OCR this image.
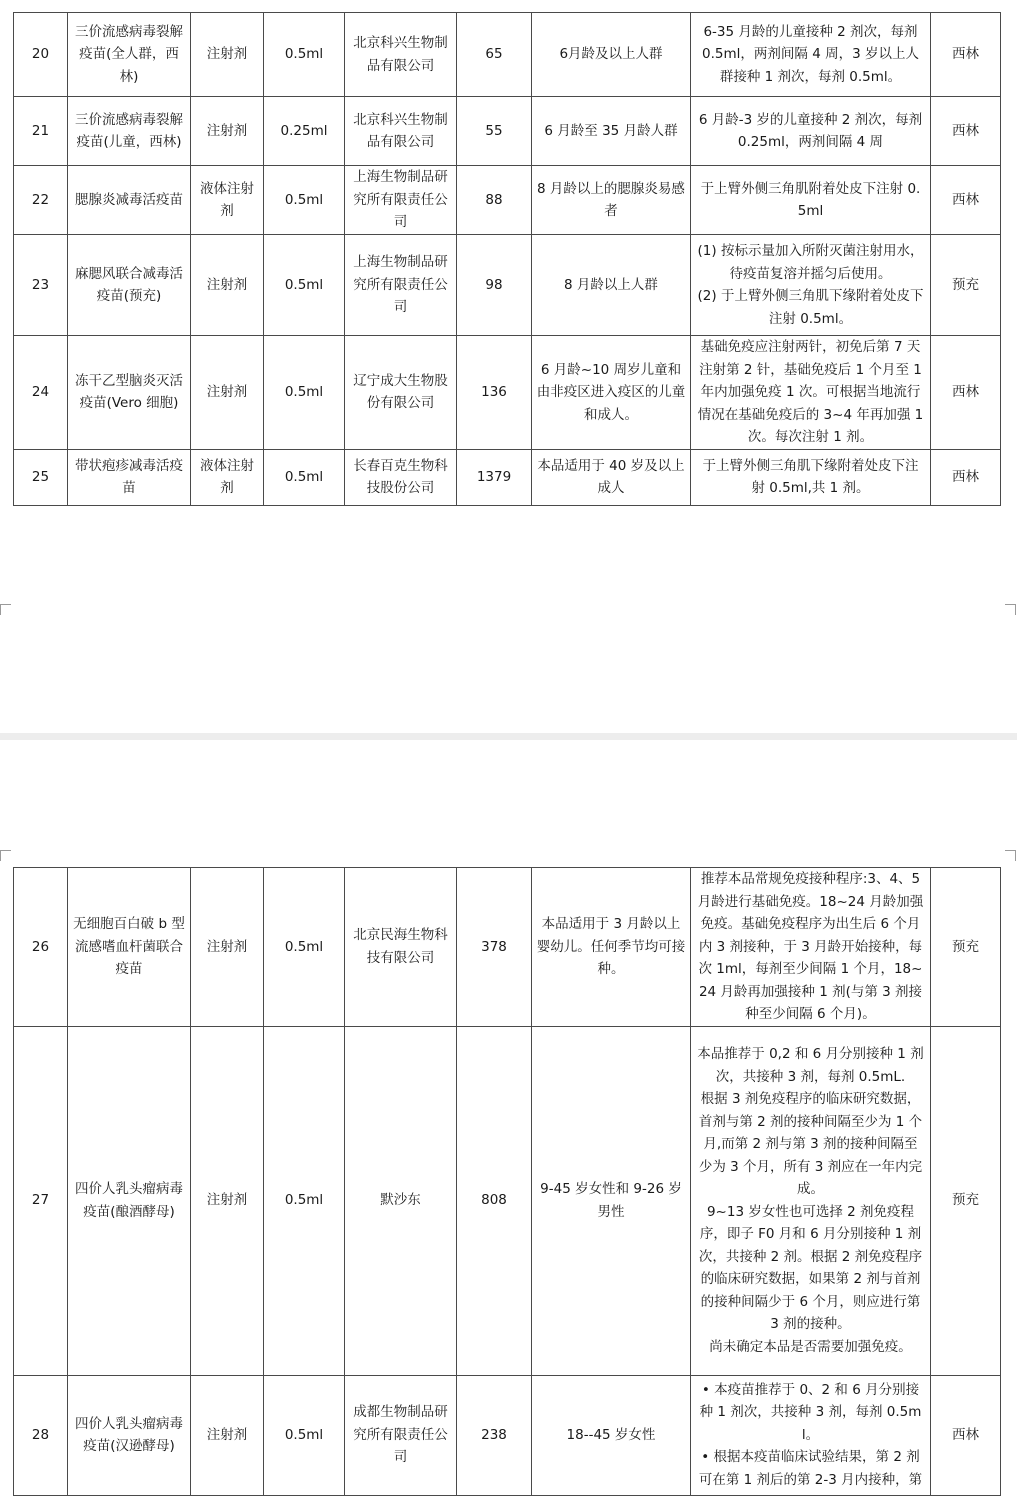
20	三价流感病毒裂解疫苗(全人群，西林)	注射剂	0.5ml	北京科兴生物制品有限公司	65	6月龄及以上人群	6-35 月龄的儿童接种 2 剂次，每剂 0.5ml，两剂间隔 4 周，3 岁以上人群接种 1 剂次，每剂 0.5ml。	西林
21	三价流感病毒裂解疫苗(儿童，西林)	注射剂	0.25ml	北京科兴生物制品有限公司	55	6 月龄至 35 月龄人群	6 月龄-3 岁的儿童接种 2 剂次，每剂 0.25ml，两剂间隔 4 周	西林
22	腮腺炎减毒活疫苗	液体注射剂	0.5ml	上海生物制品研究所有限责任公司	88	8 月龄以上的腮腺炎易感者	于上臂外侧三角肌附着处皮下注射 0.5ml	西林
23	麻腮风联合减毒活疫苗(预充)	注射剂	0.5ml	上海生物制品研究所有限责任公司	98	8 月龄以上人群	(1) 按标示量加入所附灭菌注射用水，待疫苗复溶并摇匀后使用。
(2) 于上臂外侧三角肌下缘附着处皮下注射 0.5ml。	预充
24	冻干乙型脑炎灭活疫苗(Vero 细胞)	注射剂	0.5ml	辽宁成大生物股份有限公司	136	6 月龄~10 周岁儿童和由非疫区进入疫区的儿童和成人。	基础免疫应注射两针，初免后第 7 天注射第 2 针，基础免疫后 1 个月至 1 年内加强免疫 1 次。可根据当地流行情况在基础免疫后的 3~4 年再加强 1 次。每次注射 1 剂。	西林
25	带状疱疹减毒活疫苗	液体注射剂	0.5ml	长春百克生物科技股份公司	1379	本品适用于 40 岁及以上成人	于上臂外侧三角肌下缘附着处皮下注射 0.5ml,共 1 剂。	西林
26	无细胞百白破 b 型流感嗜血杆菌联合疫苗	注射剂	0.5ml	北京民海生物科技有限公司	378	本品适用于 3 月龄以上婴幼儿。任何季节均可接种。	推荐本品常规免疫接种程序:3、4、5 月龄进行基础免疫。18~24 月龄加强免疫。基础免疫程序为出生后 6 个月内 3 剂接种，于 3 月龄开始接种，每次 1ml，每剂至少间隔 1 个月，18~24 月龄再加强接种 1 剂(与第 3 剂接种至少间隔 6 个月)。	预充
27	四价人乳头瘤病毒疫苗(酿酒酵母)	注射剂	0.5ml	默沙东	808	9-45 岁女性和 9-26 岁男性	本品推荐于 0,2 和 6 月分别接种 1 剂次，共接种 3 剂，每剂 0.5mL.
根据 3 剂免疫程序的临床研究数据，首剂与第 2 剂的接种间隔至少为 1 个月,而第 2 剂与第 3 剂的接种间隔至少为 3 个月，所有 3 剂应在一年内完成。
9~13 岁女性也可选择 2 剂免疫程序，即子 F0 月和 6 月分别接种 1 剂次，共接种 2 剂。根据 2 剂免疫程序的临床研究数据，如果第 2 剂与首剂的接种间隔少于 6 个月，则应进行第 3 剂的接种。
尚未确定本品是否需要加强免疫。	预充
28	四价人乳头瘤病毒疫苗(汉逊酵母)	注射剂	0.5ml	成都生物制品研究所有限责任公司	238	18--45 岁女性	• 本疫苗推荐于 0、2 和 6 月分别接种 1 剂次，共接种 3 剂，每剂 0.5ml。
• 根据本疫苗临床试验结果，第 2 剂可在第 1 剂后的第 2-3 月内接种，第	西林
